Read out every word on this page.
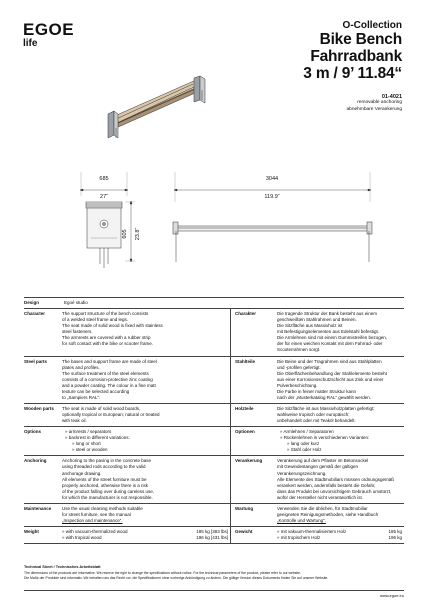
EGOE
life
O-Collection
Bike Bench
Fahrradbank
3 m / 9’ 11.84“
01-4021
removable anchoring
abnehmbare Verankerung
685
27“
3044
119.9“
605 23.8“
Design	Egoé studio
Character	The support structure of the bench consists
of a welded steel frame and legs.
The seat made of solid wood is fixed with stainless
steel fasteners.
The armrests are covered with a rubber strip
for soft contact with the bike or scooter frame.
Charakter	Die tragende Struktur der Bank besteht aus einem
geschweißten Stahlrahmen und Beinen.
Die Sitzfläche aus Massivholz ist
mit Befestigungselementen aus Edelstahl befestigt.
Die Armlehnen sind mit einem Gummistreifen bezogen,
der für einen weichen Kontakt mit dem Fahrrad- oder
Scooterrahmen sorgt.
Steel parts	The bases and support frame are made of steel
plates and profiles.
The surface treatment of the steel elements
consists of a corrosion-protective zinc coating
and a powder coating. The colour in a fine matt
texture can be selected according
to „Sampiers RAL“.
Stahlteile	Die Beine und der Tragrahmen sind aus Stahlplatten
und -profilen gefertigt.
Die Oberflächenbehandlung der Stahlelemente besteht
aus einer Korrosionsschutzschicht aus Zink und einer
Pulverbeschichtung.
Die Farbe in feiner matter Struktur kann
nach der „Musterkatalog RAL“ gewählt werden.
Wooden parts	The seat is made of solid wood boards,
optionally tropical or European; natural or treated
with teak oil.
Holzteile	Die Sitzfläche ist aus Massivholzplatten gefertigt;
wahlweise tropisch oder europäisch;
unbehandelt oder mit Teaköl behandelt.
Options	» armrests / separators
» backrest in different variations:
» long or short
» steel or wooden
Optionen	» Armlehnen / Separatoren
» Rückenlehnen in verschiedenen Varianten:
» lang oder kurz
» Stahl oder Holz
Anchoring	Anchoring to the paving in the concrete base
using threaded rods according to the valid
anchorage drawing.
All elements of the street furniture must be
properly anchored, otherwise there is a risk
of the product falling over during careless use,
for which the manufacturer is not responsible.
Verankerung	Verankerung auf dem Pflaster im Betonsockel
mit Gewindestangen gemäß der gültigen
Verankerungszeichnung.
Alle Elemente des Stadtmobiliars müssen ordnungsgemäß
verankert werden, andernfalls besteht die Gefahr,
dass das Produkt bei unvorsichtigem Gebrauch umstürzt,
wofür der Hersteller nicht verantwortlich ist.
Maintenance	Use the usual cleaning methods suitable
for street furniture, see the manual
„Inspection and maintenance“.
Wartung	Verwenden Sie die üblichen, für Stadtmobiliar
geeigneten Reinigungsmethoden, siehe Handbuch
„Kontrolle und Wartung“.
Weight	» with vacuum-thermalized wood	185 kg [383 lbs]
» with tropical wood	196 kg [431 lbs]
Gewicht	» mit vakuum-thermalisiertem Holz	185 kg
» mit tropischem Holz	196 kg
Technical Sheet / Technisches Arbeitsblatt
The dimensions of the products are informative. We reserve the right to change the specifications without notice. For the technical parameters of the product, please refer to our website.
Die Maße der Produkte sind informativ. Wir behalten uns das Recht vor, die Spezifikationen ohne vorherige Ankündigung zu ändern. Die gültige Version dieses Dokuments finden Sie auf unserer Website.
www.egoe.eu
